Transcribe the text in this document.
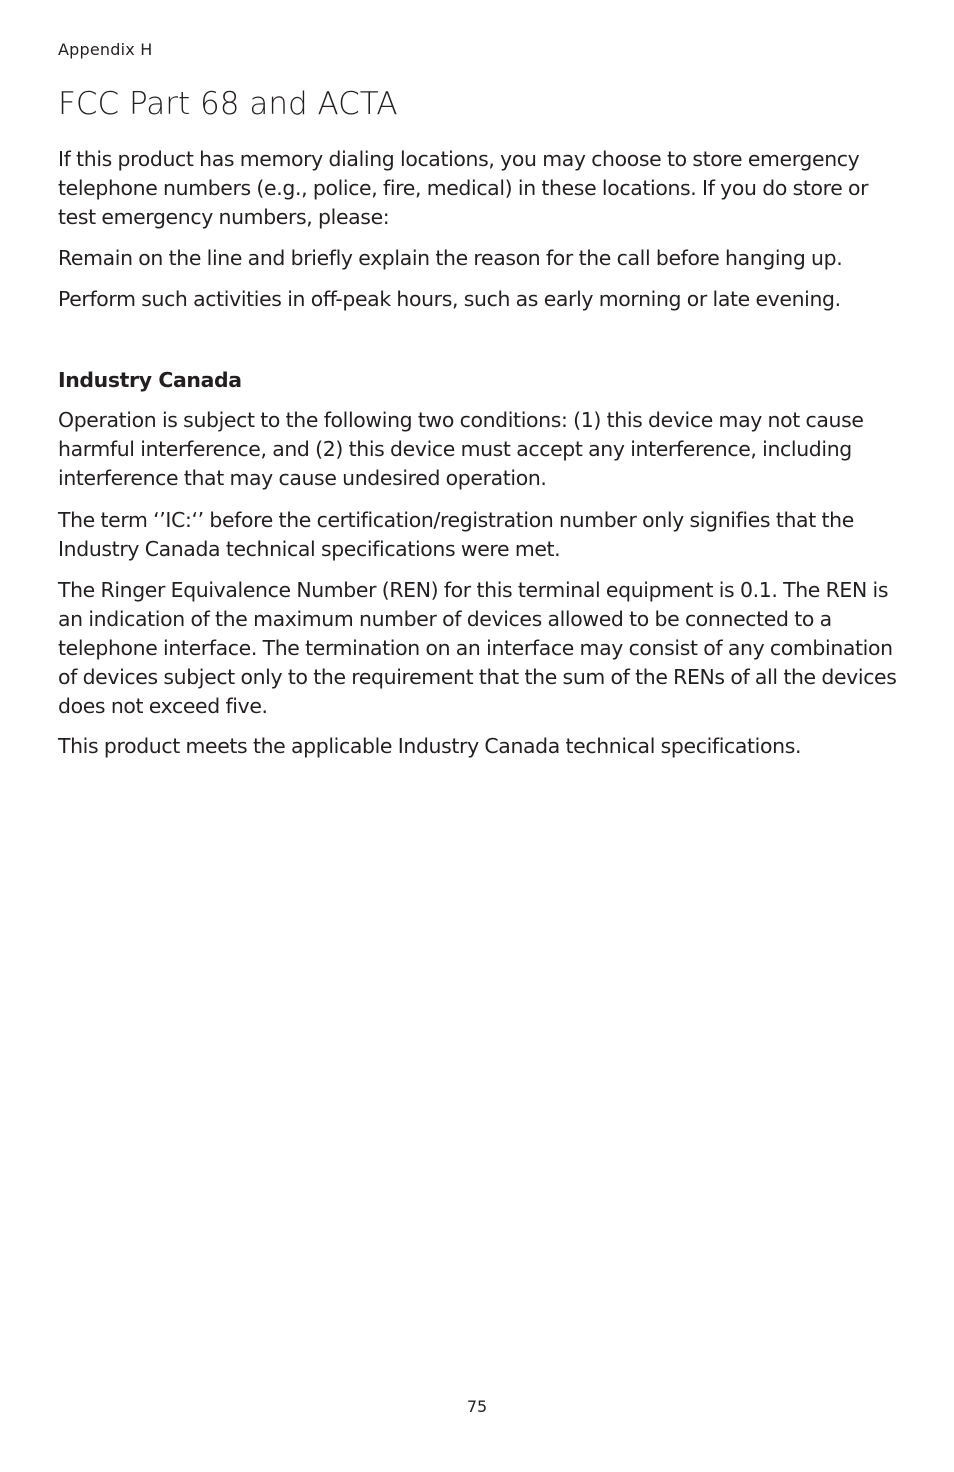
Appendix H
FCC Part 68 and ACTA

If this product has memory dialing locations, you may choose to store emergency telephone numbers (e.g., police, fire, medical) in these locations. If you do store or test emergency numbers, please:

Remain on the line and briefly explain the reason for the call before hanging up.

Perform such activities in off-peak hours, such as early morning or late evening.

Industry Canada

Operation is subject to the following two conditions: (1) this device may not cause harmful interference, and (2) this device must accept any interference, including interference that may cause undesired operation.

The term ‘’IC:‘’ before the certification/registration number only signifies that the Industry Canada technical specifications were met.

The Ringer Equivalence Number (REN) for this terminal equipment is 0.1. The REN is an indication of the maximum number of devices allowed to be connected to a telephone interface. The termination on an interface may consist of any combination of devices subject only to the requirement that the sum of the RENs of all the devices does not exceed five.

This product meets the applicable Industry Canada technical specifications.

75
